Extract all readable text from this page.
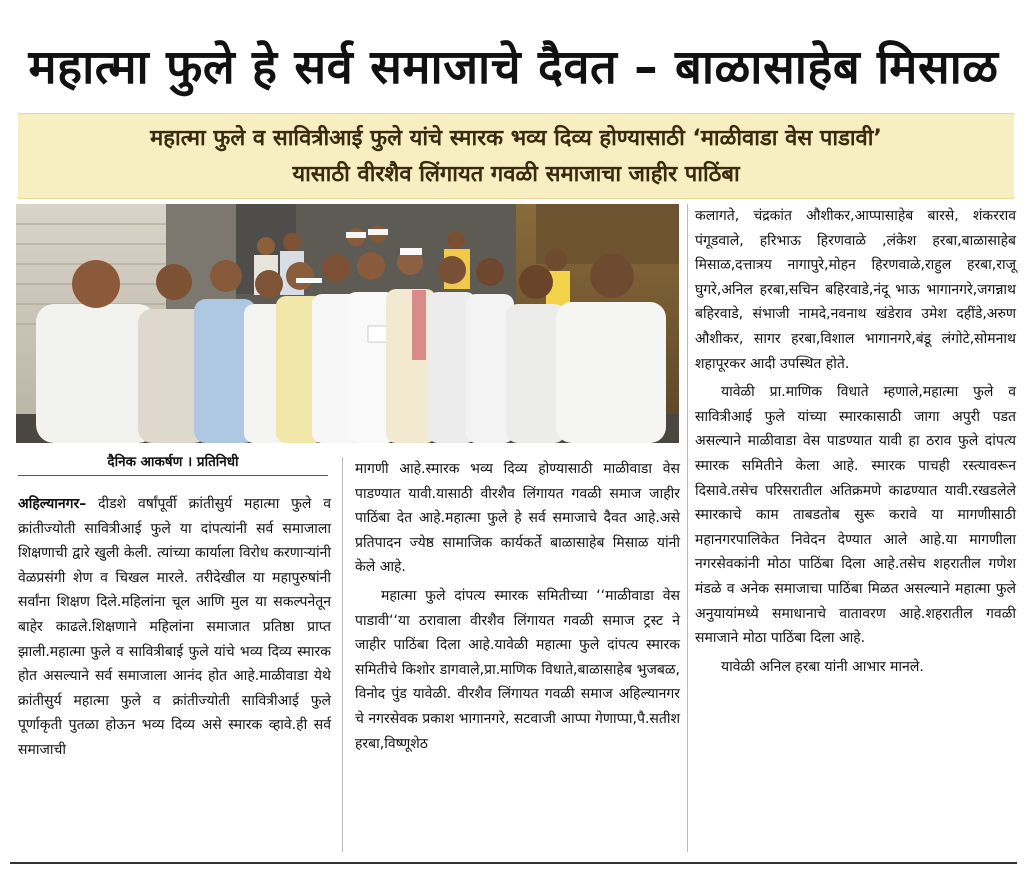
महात्मा फुले हे सर्व समाजाचे दैवत – बाळासाहेब मिसाळ
महात्मा फुले व सावित्रीआई फुले यांचे स्मारक भव्य दिव्य होण्यासाठी ‘माळीवाडा वेस पाडावी’
यासाठी वीरशैव लिंगायत गवळी समाजाचा जाहीर पाठिंबा
दैनिक आकर्षण । प्रतिनिधी

अहिल्यानगर– दीडशे वर्षांपूर्वी क्रांतीसुर्य महात्मा फुले व क्रांतीज्योती सावित्रीआई फुले या दांपत्यांनी सर्व समाजाला शिक्षणाची द्वारे खुली केली. त्यांच्या कार्याला विरोध करणाऱ्यांनी वेळप्रसंगी शेण व चिखल मारले. तरीदेखील या महापुरुषांनी सर्वांना शिक्षण दिले.महिलांना चूल आणि मुल या सकल्पनेतून बाहेर काढले.शिक्षणाने महिलांना समाजात प्रतिष्ठा प्राप्त झाली.महात्मा फुले व सावित्रीबाई फुले यांचे भव्य दिव्य स्मारक होत असल्याने सर्व समाजाला आनंद होत आहे.माळीवाडा येथे क्रांतीसुर्य महात्मा फुले व क्रांतीज्योती सावित्रीआई फुले पूर्णाकृती पुतळा होऊन भव्य दिव्य असे स्मारक व्हावे.ही सर्व समाजाची

मागणी आहे.स्मारक भव्य दिव्य होण्यासाठी माळीवाडा वेस पाडण्यात यावी.यासाठी वीरशैव लिंगायत गवळी समाज जाहीर पाठिंबा देत आहे.महात्मा फुले हे सर्व समाजाचे दैवत आहे.असे प्रतिपादन ज्येष्ठ सामाजिक कार्यकर्ते बाळासाहेब मिसाळ यांनी केले आहे.

महात्मा फुले दांपत्य स्मारक समितीच्या ‘‘माळीवाडा वेस पाडावी‘‘या ठरावाला वीरशैव लिंगायत गवळी समाज ट्रस्ट ने जाहीर पाठिंबा दिला आहे.यावेळी महात्मा फुले दांपत्य स्मारक समितीचे किशोर डागवाले,प्रा.माणिक विधाते,बाळासाहेब भुजबळ, विनोद पुंड यावेळी. वीरशैव लिंगायत गवळी समाज अहिल्यानगर चे नगरसेवक प्रकाश भागानगरे, सटवाजी आप्पा गेणाप्पा,पै.सतीश हरबा,विष्णूशेठ

कलागते, चंद्रकांत औशीकर,आप्पासाहेब बारसे, शंकरराव पंगूडवाले, हरिभाऊ हिरणवाळे ,लंकेश हरबा,बाळासाहेब मिसाळ,दत्तात्रय नागापुरे,मोहन हिरणवाळे,राहुल हरबा,राजू घुगरे,अनिल हरबा,सचिन बहिरवाडे,नंदू भाऊ भागानगरे,जगन्नाथ बहिरवाडे, संभाजी नामदे,नवनाथ खंडेराव उमेश दहींडे,अरुण औशीकर, सागर हरबा,विशाल भागानगरे,बंडू लंगोटे,सोमनाथ शहापूरकर आदी उपस्थित होते.

यावेळी प्रा.माणिक विधाते म्हणाले,महात्मा फुले व सावित्रीआई फुले यांच्या स्मारकासाठी जागा अपुरी पडत असल्याने माळीवाडा वेस पाडण्यात यावी हा ठराव फुले दांपत्य स्मारक समितीने केला आहे. स्मारक पाचही रस्त्यावरून दिसावे.तसेच परिसरातील अतिक्रमणे काढण्यात यावी.रखडलेले स्मारकाचे काम ताबडतोब सुरू करावे या मागणीसाठी महानगरपालिकेत निवेदन देण्यात आले आहे.या मागणीला नगरसेवकांनी मोठा पाठिंबा दिला आहे.तसेच शहरातील गणेश मंडळे व अनेक समाजाचा पाठिंबा मिळत असल्याने महात्मा फुले अनुयायांमध्ये समाधानाचे वातावरण आहे.शहरातील गवळी समाजाने मोठा पाठिंबा दिला आहे.

यावेळी अनिल हरबा यांनी आभार मानले.
